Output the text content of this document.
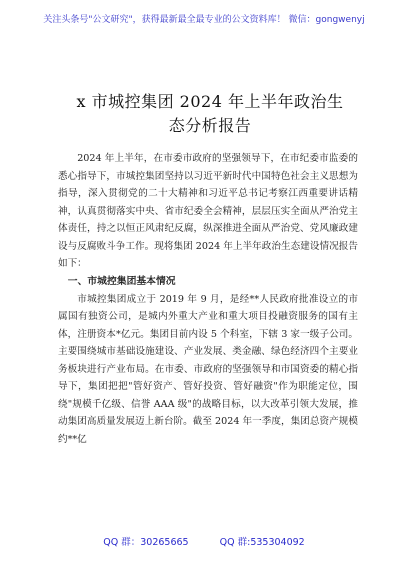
关注头条号"公文研究"，获得最新最全最专业的公文资料库！ 微信：gongwenyj
x 市城控集团 2024 年上半年政治生
态分析报告

2024 年上半年，在市委市政府的坚强领导下，在市纪委市监委的悉心指导下，市城控集团坚持以习近平新时代中国特色社会主义思想为指导，深入贯彻党的二十大精神和习近平总书记考察江西重要讲话精神，认真贯彻落实中央、省市纪委全会精神，层层压实全面从严治党主体责任，持之以恒正风肃纪反腐，纵深推进全面从严治党、党风廉政建设与反腐败斗争工作。现将集团 2024 年上半年政治生态建设情况报告如下：

一、市城控集团基本情况

市城控集团成立于 2019 年 9 月，是经**人民政府批准设立的市属国有独资公司，是城内外重大产业和重大项目投融资服务的国有主体，注册资本*亿元。集团目前内设 5 个科室，下辖 3 家一级子公司。主要围绕城市基础设施建设、产业发展、类金融、绿色经济四个主要业务板块进行产业布局。在市委、市政府的坚强领导和市国资委的精心指导下，集团把把"管好资产、管好投资、管好融资"作为职能定位，围绕"规模千亿级、信誉 AAA 级"的战略目标，以大改革引领大发展，推动集团高质量发展迈上新台阶。截至 2024 年一季度，集团总资产规模约**亿

QQ 群：30265665	QQ 群:535304092
